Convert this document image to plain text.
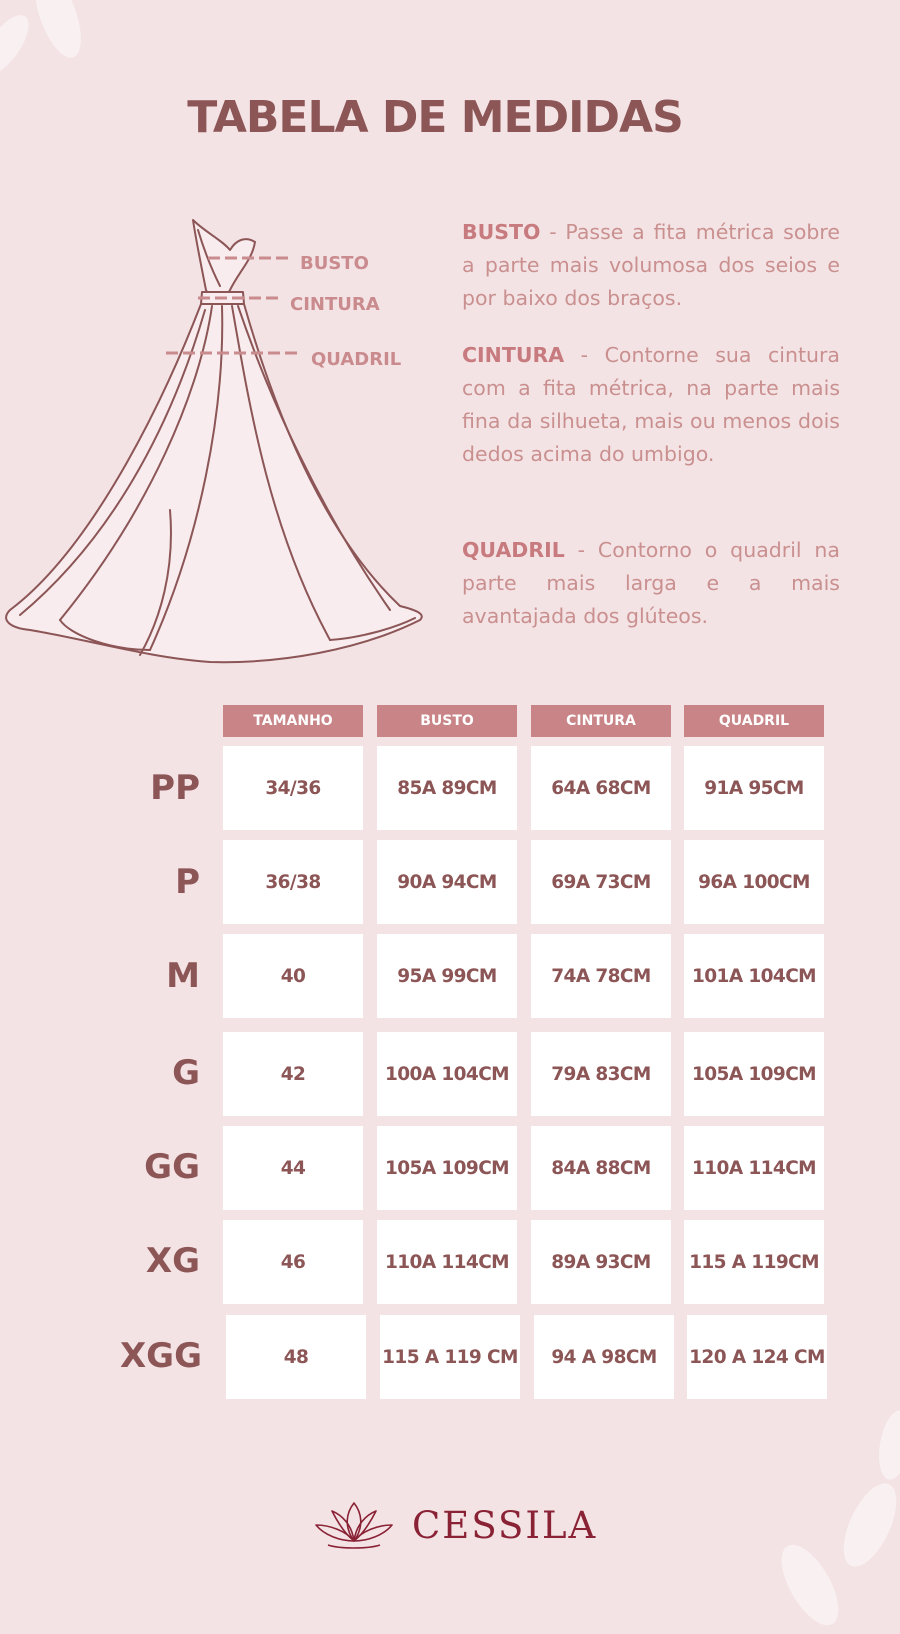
TABELA DE MEDIDAS
BUSTO
CINTURA
QUADRIL
BUSTO - Passe a fita métrica sobre a parte mais volumosa dos seios e por baixo dos braços.
CINTURA - Contorne sua cintura com a fita métrica, na parte mais fina da silhueta, mais ou menos dois dedos acima do umbigo.
QUADRIL - Contorno o quadril na parte mais larga e a mais avantajada dos glúteos.
TAMANHO	BUSTO	CINTURA	QUADRIL
PP	34/36	85A 89CM	64A 68CM	91A 95CM
P	36/38	90A 94CM	69A 73CM	96A 100CM
M	40	95A 99CM	74A 78CM	101A 104CM
G	42	100A 104CM	79A 83CM	105A 109CM
GG	44	105A 109CM	84A 88CM	110A 114CM
XG	46	110A 114CM	89A 93CM	115 A 119CM
XGG	48	115 A 119 CM	94 A 98CM	120 A 124 CM
CESSILA
